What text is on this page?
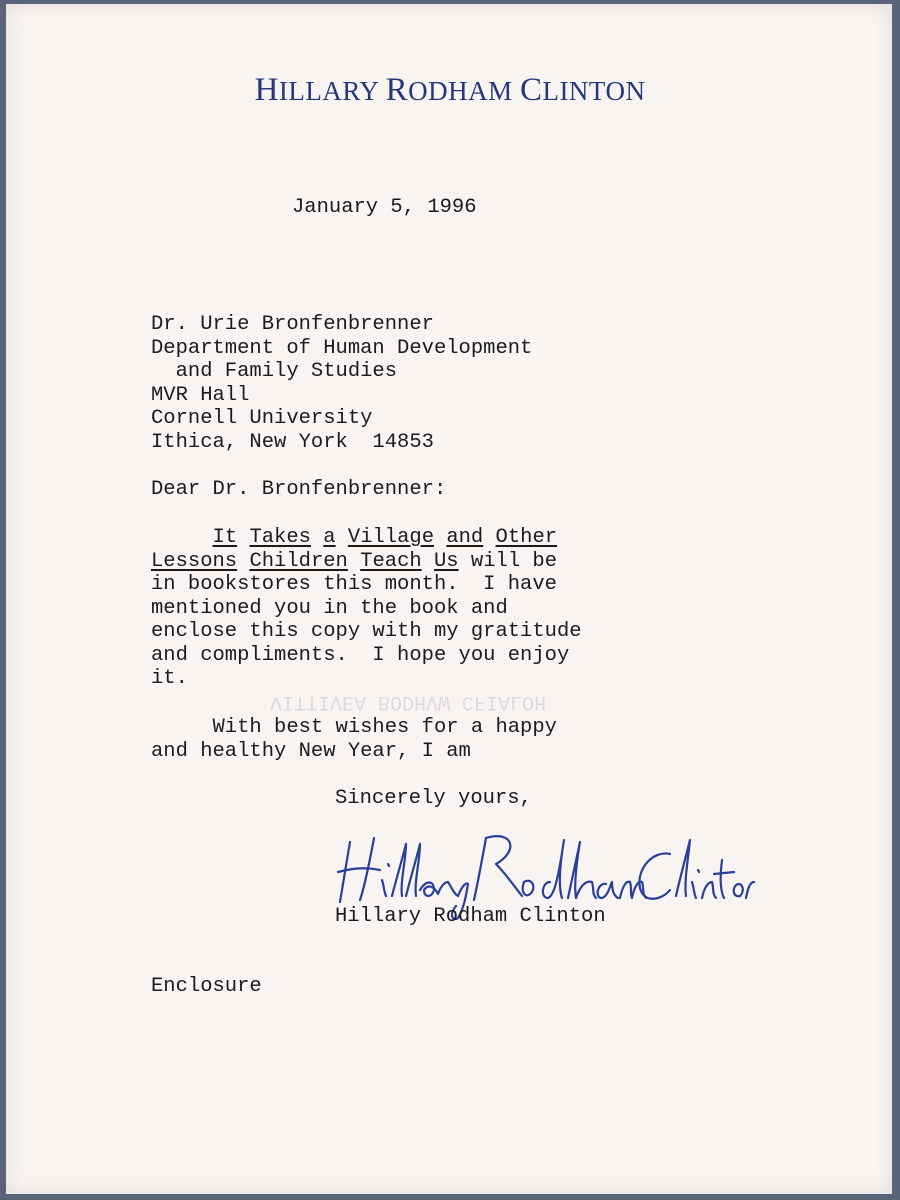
VITTIVEA BODHVW CFIALOH

HILLARY RODHAM CLINTON
January 5, 1996
Dr. Urie Bronfenbrenner
Department of Human Development
and Family Studies
MVR Hall
Cornell University
Ithica, New York  14853
Dear Dr. Bronfenbrenner:
It Takes a Village and Other
Lessons Children Teach Us will be
in bookstores this month.  I have
mentioned you in the book and
enclose this copy with my gratitude
and compliments.  I hope you enjoy
it.
With best wishes for a happy
and healthy New Year, I am
Sincerely yours,
Hillary Rodham Clinton
Enclosure
